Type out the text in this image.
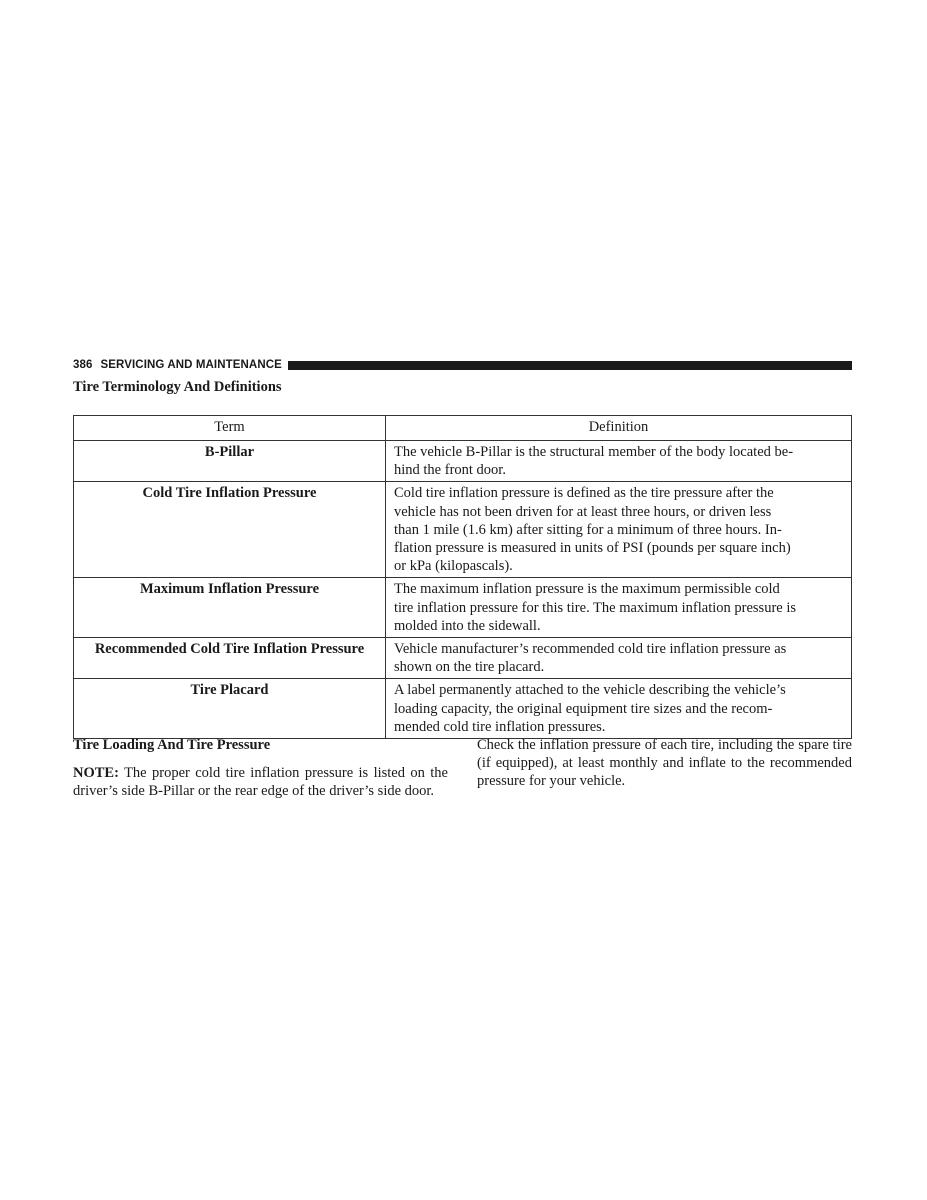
386 SERVICING AND MAINTENANCE
Tire Terminology And Definitions
Term	Definition
B-Pillar	The vehicle B-Pillar is the structural member of the body located be-
hind the front door.

Cold Tire Inflation Pressure	Cold tire inflation pressure is defined as the tire pressure after the
vehicle has not been driven for at least three hours, or driven less
than 1 mile (1.6 km) after sitting for a minimum of three hours. In-
flation pressure is measured in units of PSI (pounds per square inch)
or kPa (kilopascals).

Maximum Inflation Pressure	The maximum inflation pressure is the maximum permissible cold
tire inflation pressure for this tire. The maximum inflation pressure is
molded into the sidewall.

Recommended Cold Tire Inflation Pressure	Vehicle manufacturer’s recommended cold tire inflation pressure as
shown on the tire placard.

Tire Placard	A label permanently attached to the vehicle describing the vehicle’s
loading capacity, the original equipment tire sizes and the recom-
mended cold tire inflation pressures.

Tire Loading And Tire Pressure

NOTE: The proper cold tire inflation pressure is listed on the driver’s side B-Pillar or the rear edge of the driver’s side door.

Check the inflation pressure of each tire, including the spare tire (if equipped), at least monthly and inflate to the recommended pressure for your vehicle.
